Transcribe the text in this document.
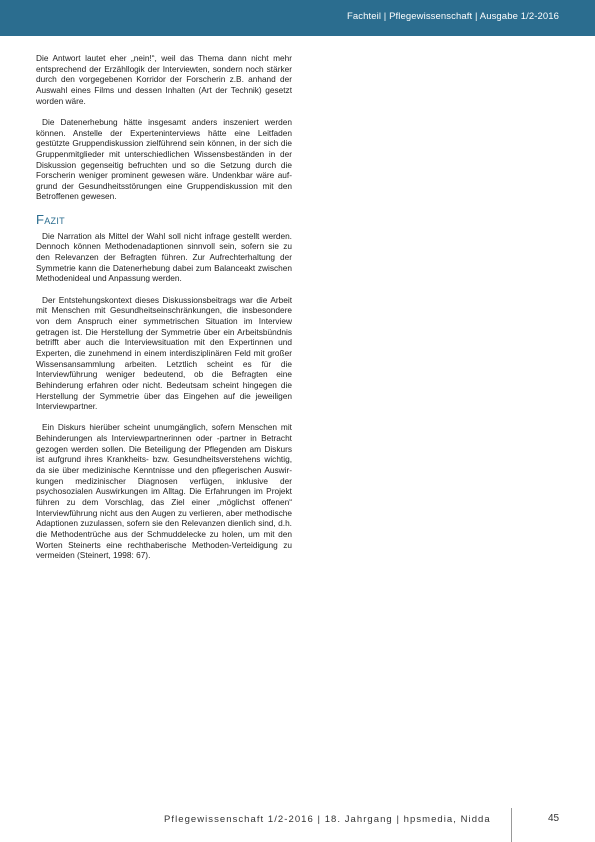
Fachteil | Pflegewissenschaft | Ausgabe 1/2-2016

Die Antwort lautet eher „nein!“, weil das Thema dann nicht mehr entsprechend der Erzähllogik der Interviewten, sondern noch stärker durch den vorgegebenen Korridor der Forscherin z.B. anhand der Auswahl eines Films und dessen Inhalten (Art der Technik) gesetzt worden wäre.

Die Datenerhebung hätte insgesamt anders inszeniert werden können. Anstelle der Experteninterviews hätte eine Leitfaden gestützte Gruppendiskussion zielführend sein können, in der sich die Gruppenmitglieder mit unterschiedlichen Wissensbeständen in der Diskussion gegenseitig befruchten und so die Setzung durch die Forscherin weniger prominent gewesen wäre. Undenkbar wäre aufgrund der Gesundheitsstörungen eine Gruppendiskussion mit den Betroffenen gewesen.

Fazit

Die Narration als Mittel der Wahl soll nicht infrage gestellt werden. Dennoch können Methodenadaptionen sinnvoll sein, sofern sie zu den Relevanzen der Befragten führen. Zur Aufrechterhaltung der Symmetrie kann die Datenerhebung dabei zum Balanceakt zwischen Methodenideal und Anpassung werden.

Der Entstehungskontext dieses Diskussionsbeitrags war die Arbeit mit Menschen mit Gesundheitseinschränkungen, die insbesondere von dem Anspruch einer symmetrischen Situation im Interview getragen ist. Die Herstellung der Symmetrie über ein Arbeitsbündnis betrifft aber auch die Interviewsituation mit den Expertinnen und Experten, die zunehmend in einem interdisziplinären Feld mit großer Wissensansammlung arbeiten. Letztlich scheint es für die Interviewführung weniger bedeutend, ob die Befragten eine Behinderung erfahren oder nicht. Bedeutsam scheint hingegen die Herstellung der Symmetrie über das Eingehen auf die jeweiligen Interviewpartner.

Ein Diskurs hierüber scheint unumgänglich, sofern Menschen mit Behinderungen als Interviewpartnerinnen oder -partner in Betracht gezogen werden sollen. Die Beteiligung der Pflegenden am Diskurs ist aufgrund ihres Krankheits- bzw. Gesundheitsverstehens wichtig, da sie über medizinische Kenntnisse und den pflegerischen Auswirkungen medizinischer Diagnosen verfügen, inklusive der psychosozialen Auswirkungen im Alltag. Die Erfahrungen im Projekt führen zu dem Vorschlag, das Ziel einer „möglichst offenen“ Interviewführung nicht aus den Augen zu verlieren, aber methodische Adaptionen zuzulassen, sofern sie den Relevanzen dienlich sind, d.h. die Methodentrüche aus der Schmuddelecke zu holen, um mit den Worten Steinerts eine rechthaberische Methoden-Verteidigung zu vermeiden (Steinert, 1998: 67).

Pflegewissenschaft 1/2-2016 | 18. Jahrgang | hpsmedia, Nidda	45
